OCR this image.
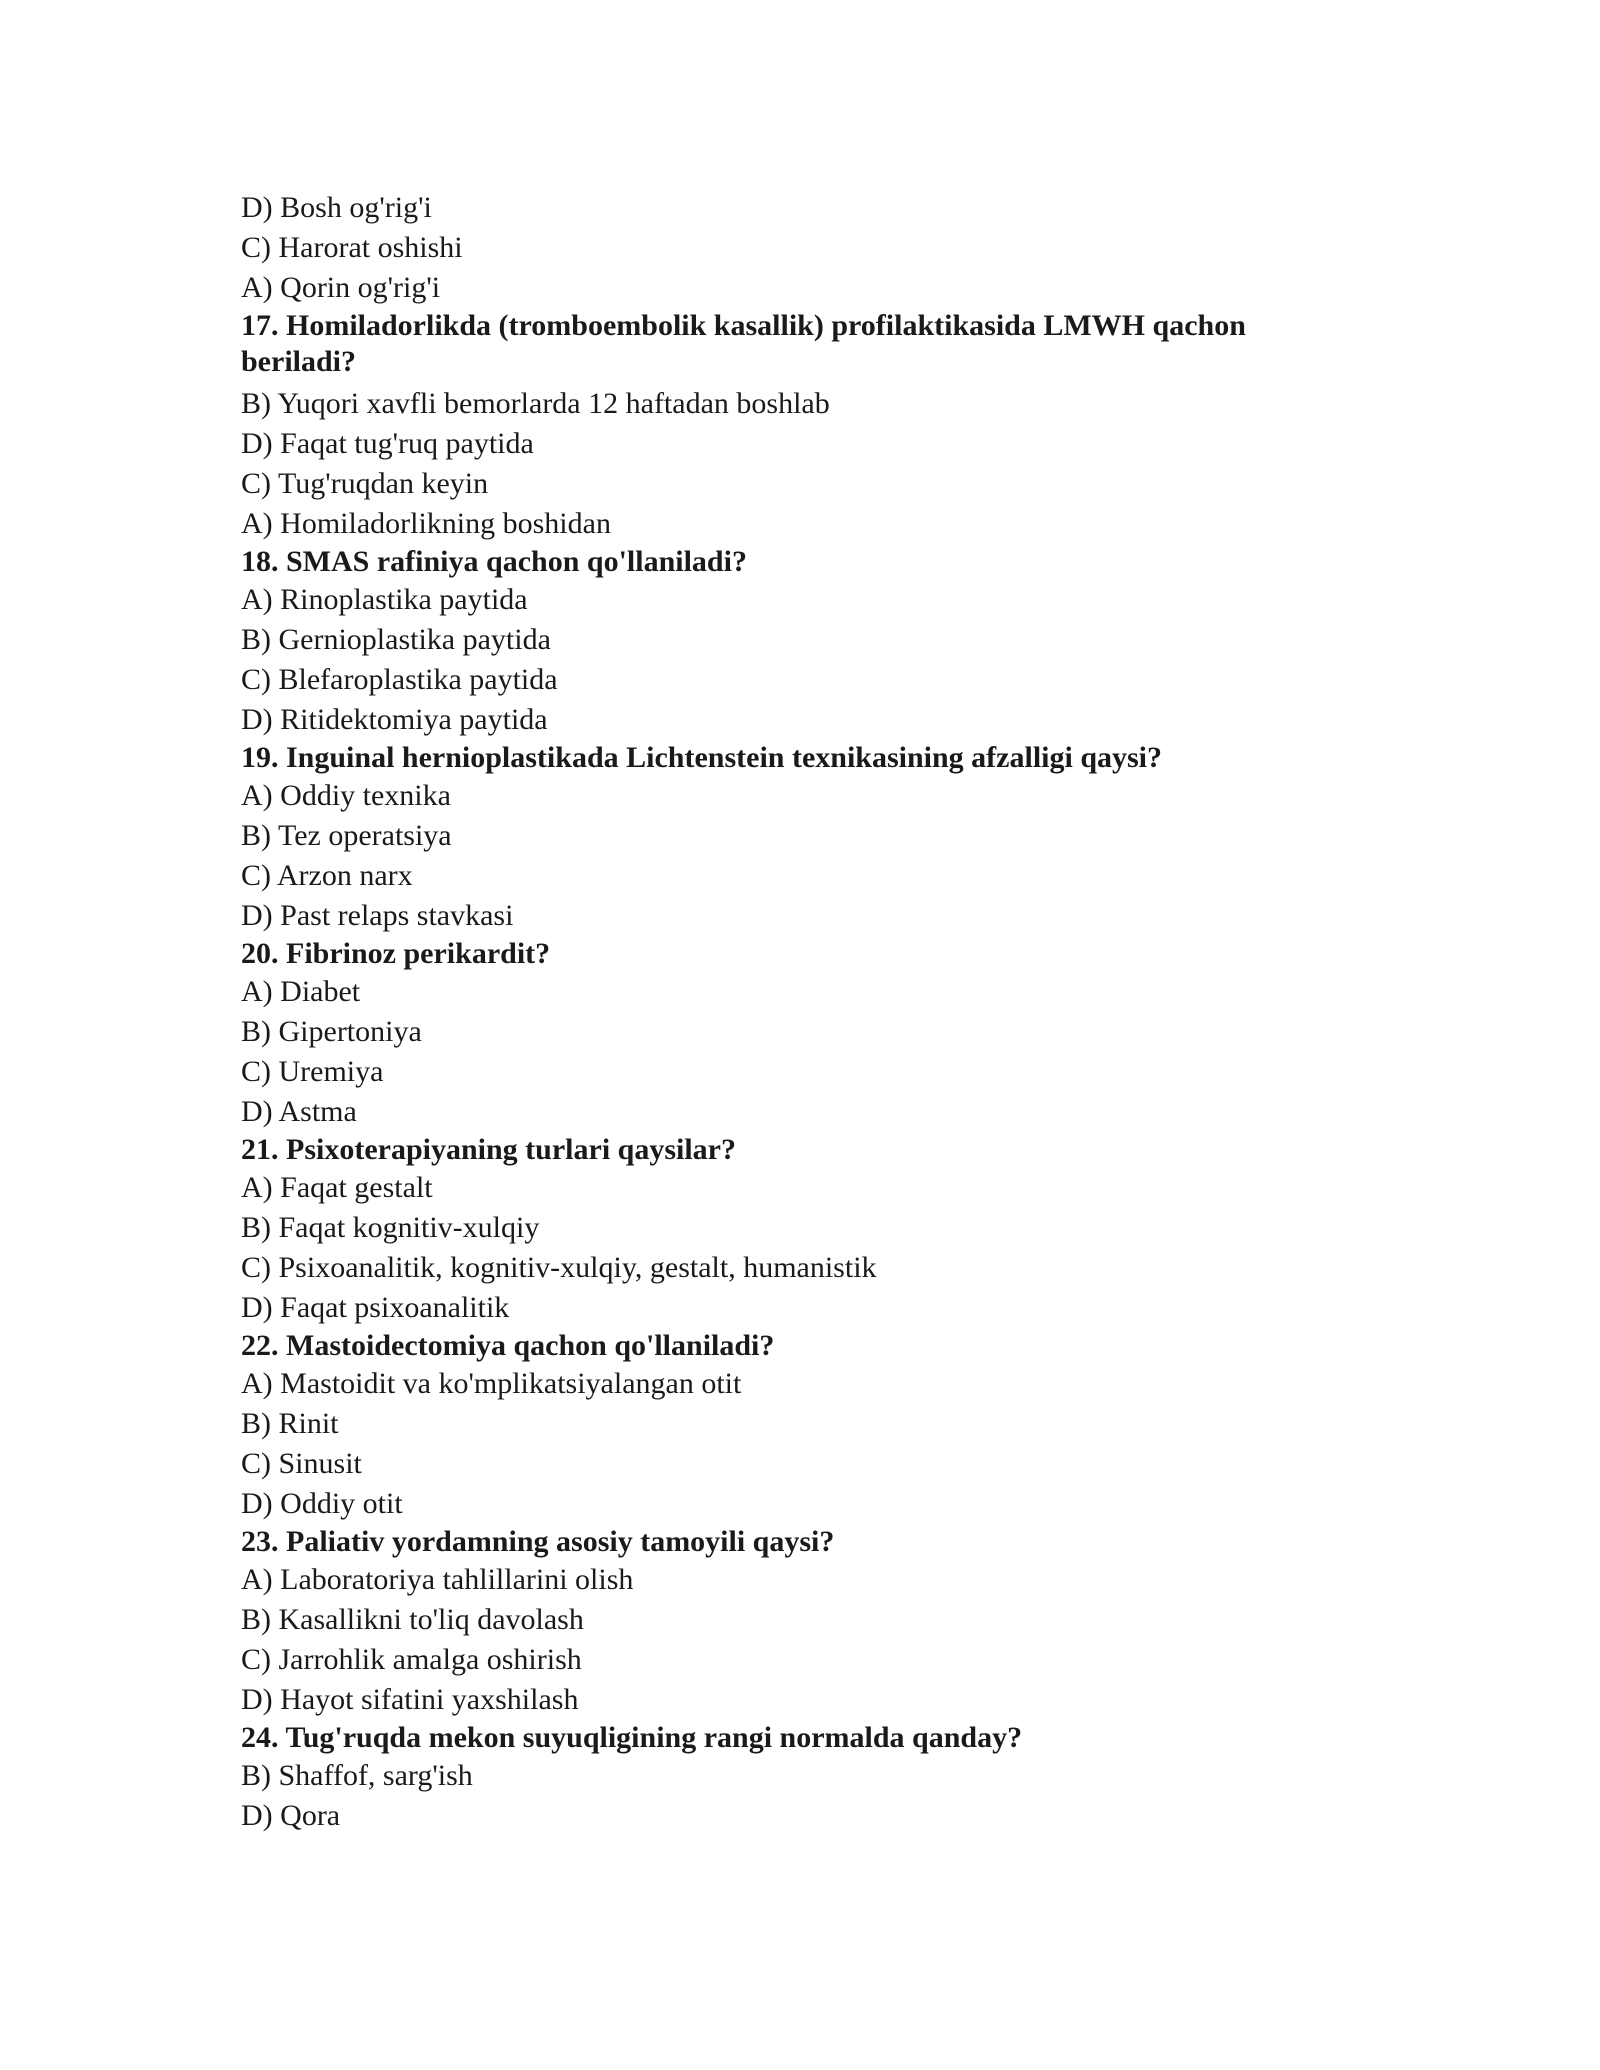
D) Bosh og'rig'i

C) Harorat oshishi

A) Qorin og'rig'i

17. Homiladorlikda (tromboembolik kasallik) profilaktikasida LMWH qachon beriladi?

B) Yuqori xavfli bemorlarda 12 haftadan boshlab

D) Faqat tug'ruq paytida

C) Tug'ruqdan keyin

A) Homiladorlikning boshidan

18. SMAS rafiniya qachon qo'llaniladi?

A) Rinoplastika paytida

B) Gernioplastika paytida

C) Blefaroplastika paytida

D) Ritidektomiya paytida

19. Inguinal hernioplastikada Lichtenstein texnikasining afzalligi qaysi?

A) Oddiy texnika

B) Tez operatsiya

C) Arzon narx

D) Past relaps stavkasi

20. Fibrinoz perikardit?

A) Diabet

B) Gipertoniya

C) Uremiya

D) Astma

21. Psixoterapiyaning turlari qaysilar?

A) Faqat gestalt

B) Faqat kognitiv-xulqiy

C) Psixoanalitik, kognitiv-xulqiy, gestalt, humanistik

D) Faqat psixoanalitik

22. Mastoidectomiya qachon qo'llaniladi?

A) Mastoidit va ko'mplikatsiyalangan otit

B) Rinit

C) Sinusit

D) Oddiy otit

23. Paliativ yordamning asosiy tamoyili qaysi?

A) Laboratoriya tahlillarini olish

B) Kasallikni to'liq davolash

C) Jarrohlik amalga oshirish

D) Hayot sifatini yaxshilash

24. Tug'ruqda mekon suyuqligining rangi normalda qanday?

B) Shaffof, sarg'ish

D) Qora
